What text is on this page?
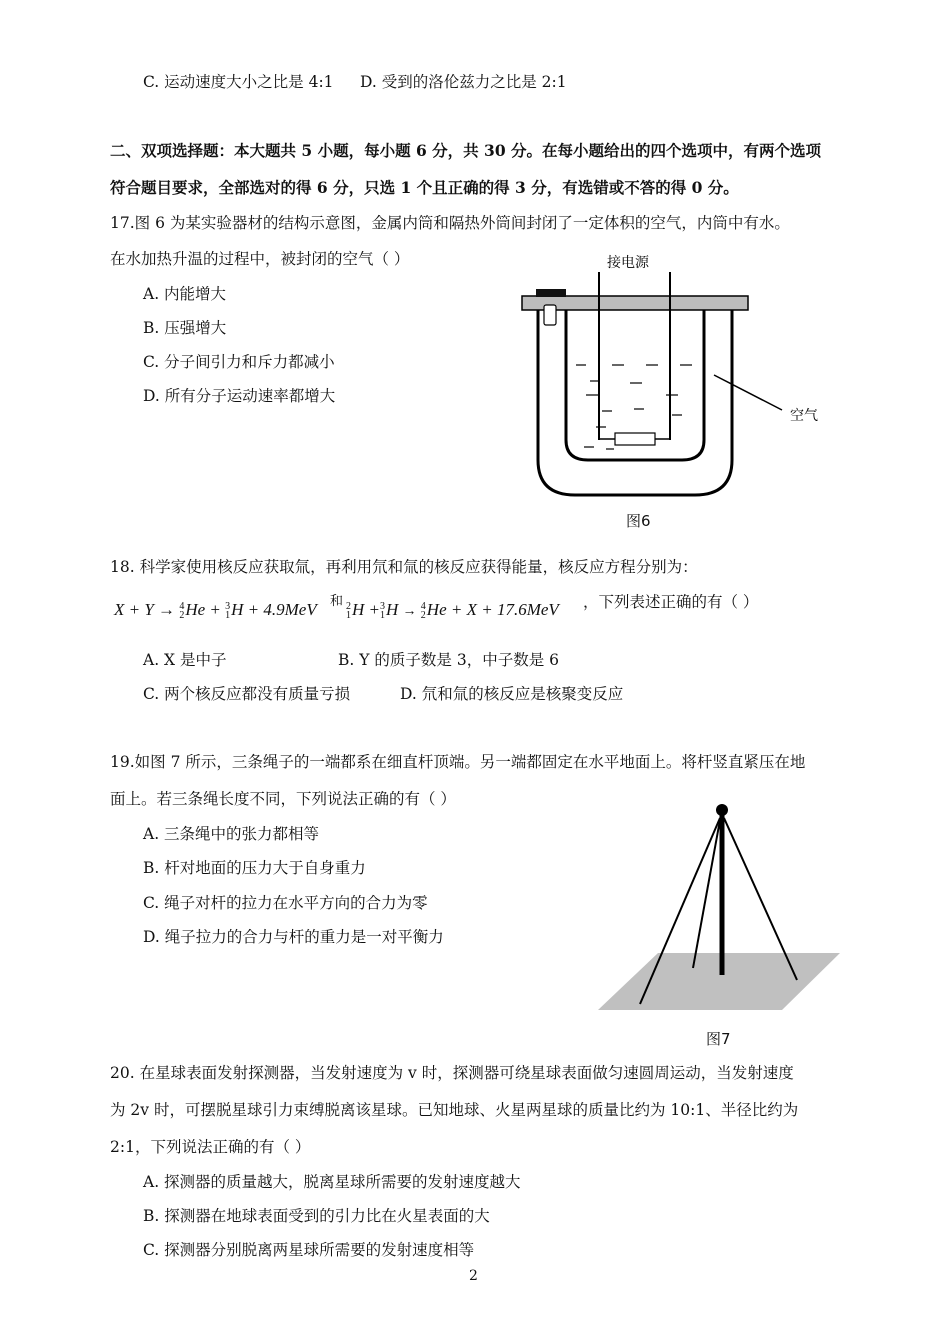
C. 运动速度大小之比是 4:1 D. 受到的洛伦兹力之比是 2:1
二、双项选择题：本大题共 5 小题，每小题 6 分，共 30 分。在每小题给出的四个选项中，有两个选项
符合题目要求，全部选对的得 6 分，只选 1 个且正确的得 3 分，有选错或不答的得 0 分。
17.图 6 为某实验器材的结构示意图，金属内筒和隔热外筒间封闭了一定体积的空气，内筒中有水。
在水加热升温的过程中，被封闭的空气（ ）
A. 内能增大
B. 压强增大
C. 分子间引力和斥力都减小
D. 所有分子运动速率都增大
接电源
空气
图6
18. 科学家使用核反应获取氚，再利用氘和氚的核反应获得能量，核反应方程分别为：
X + Y → 4
2 He + 3
1 H + 4.9MeV 和 2
1 H + 3
1 H → 4
2 He + X + 17.6MeV ，下列表述正确的有（ ）
A. X 是中子	B. Y 的质子数是 3，中子数是 6
C. 两个核反应都没有质量亏损	D. 氘和氚的核反应是核聚变反应
19.如图 7 所示，三条绳子的一端都系在细直杆顶端。另一端都固定在水平地面上。将杆竖直紧压在地
面上。若三条绳长度不同，下列说法正确的有（ ）
A. 三条绳中的张力都相等
B. 杆对地面的压力大于自身重力
C. 绳子对杆的拉力在水平方向的合力为零
D. 绳子拉力的合力与杆的重力是一对平衡力
图7
20. 在星球表面发射探测器，当发射速度为 v 时，探测器可绕星球表面做匀速圆周运动，当发射速度
为 2v 时，可摆脱星球引力束缚脱离该星球。已知地球、火星两星球的质量比约为 10:1、半径比约为
2:1，下列说法正确的有（ ）
A. 探测器的质量越大，脱离星球所需要的发射速度越大
B. 探测器在地球表面受到的引力比在火星表面的大
C. 探测器分别脱离两星球所需要的发射速度相等
2
